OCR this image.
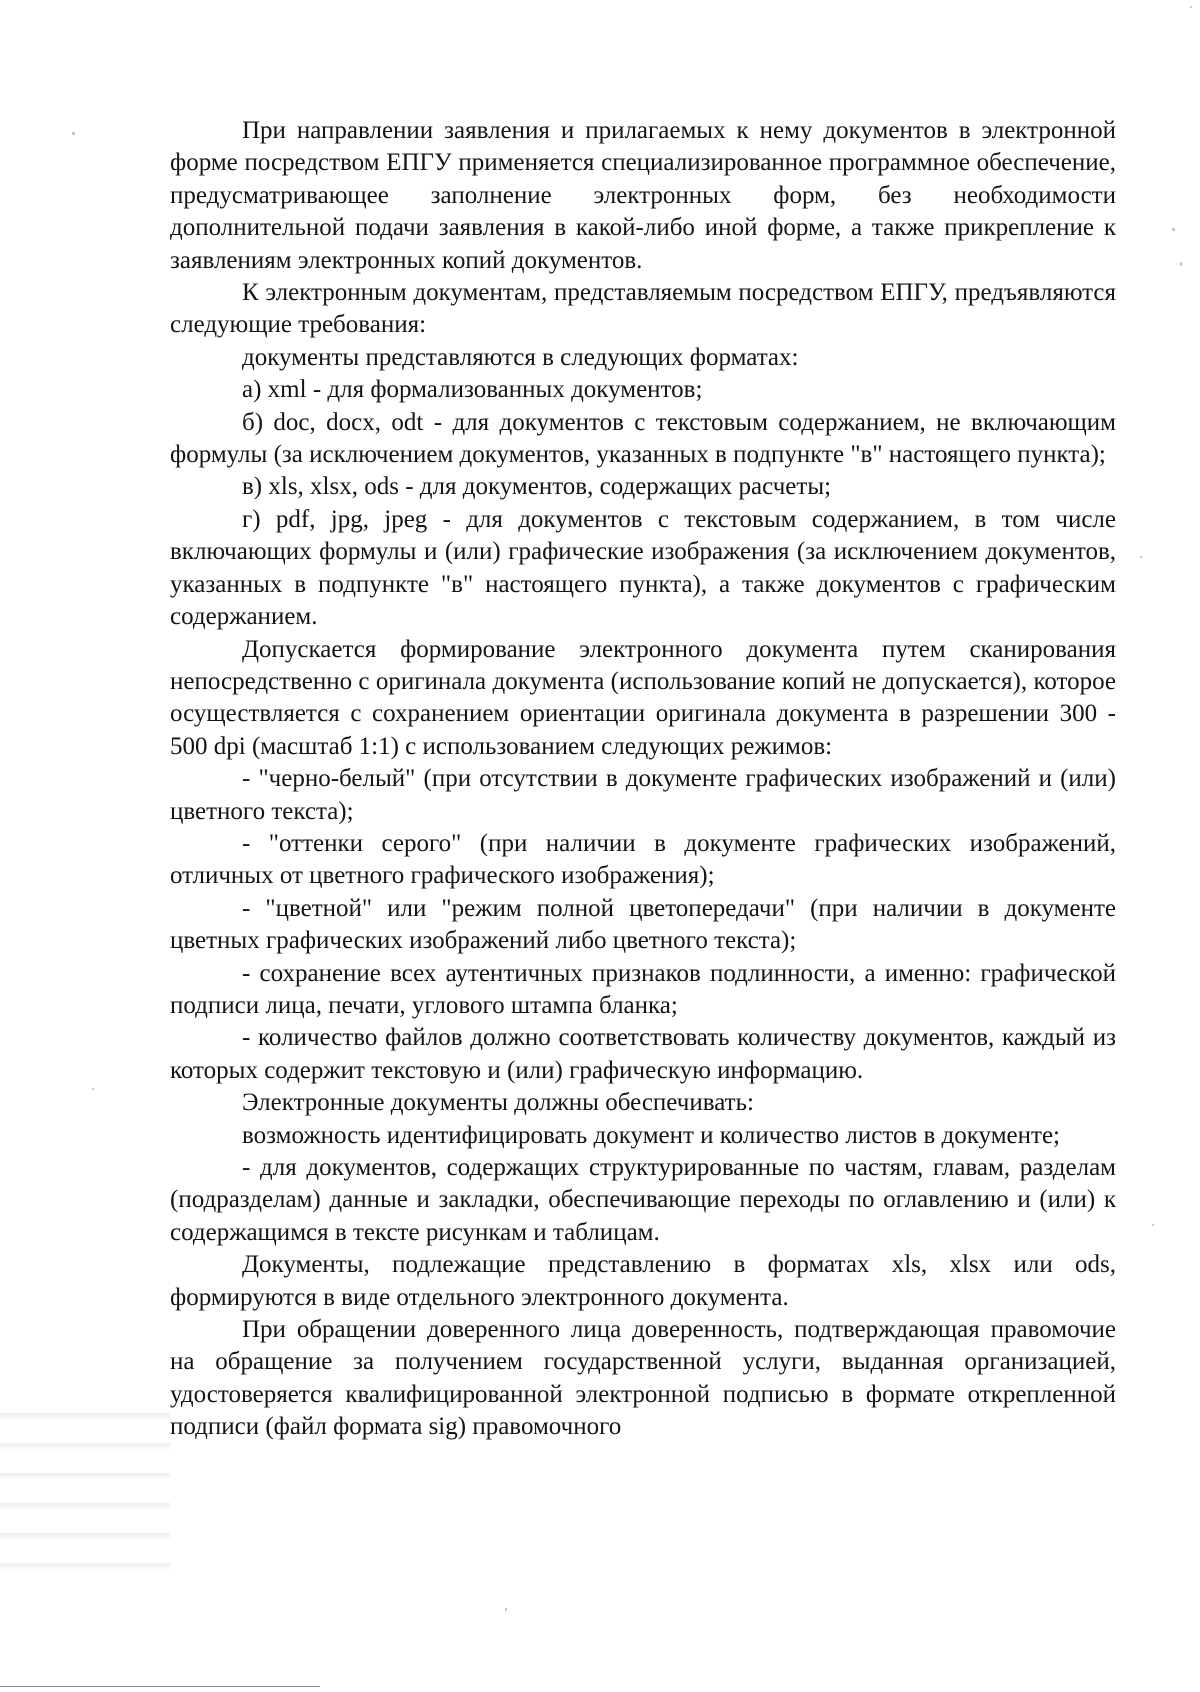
При направлении заявления и прилагаемых к нему документов в электронной форме посредством ЕПГУ применяется специализированное программное обеспечение, предусматривающее заполнение электронных форм, без необходимости дополнительной подачи заявления в какой-либо иной форме, а также прикрепление к заявлениям электронных копий документов.

К электронным документам, представляемым посредством ЕПГУ, предъявляются следующие требования:

документы представляются в следующих форматах:

а) xml - для формализованных документов;

б) doc, docx, odt - для документов с текстовым содержанием, не включающим формулы (за исключением документов, указанных в подпункте "в" настоящего пункта);

в) xls, xlsx, ods - для документов, содержащих расчеты;

г) pdf, jpg, jpeg - для документов с текстовым содержанием, в том числе включающих формулы и (или) графические изображения (за исключением документов, указанных в подпункте "в" настоящего пункта), а также документов с графическим содержанием.

Допускается формирование электронного документа путем сканирования непосредственно с оригинала документа (использование копий не допускается), которое осуществляется с сохранением ориентации оригинала документа в разрешении 300 - 500 dpi (масштаб 1:1) с использованием следующих режимов:

- "черно-белый" (при отсутствии в документе графических изображений и (или) цветного текста);

- "оттенки серого" (при наличии в документе графических изображений, отличных от цветного графического изображения);

- "цветной" или "режим полной цветопередачи" (при наличии в документе цветных графических изображений либо цветного текста);

- сохранение всех аутентичных признаков подлинности, а именно: графической подписи лица, печати, углового штампа бланка;

- количество файлов должно соответствовать количеству документов, каждый из которых содержит текстовую и (или) графическую информацию.

Электронные документы должны обеспечивать:

возможность идентифицировать документ и количество листов в документе;

- для документов, содержащих структурированные по частям, главам, разделам (подразделам) данные и закладки, обеспечивающие переходы по оглавлению и (или) к содержащимся в тексте рисункам и таблицам.

Документы, подлежащие представлению в форматах xls, xlsx или ods, формируются в виде отдельного электронного документа.

При обращении доверенного лица доверенность, подтверждающая правомочие на обращение за получением государственной услуги, выданная организацией, удостоверяется квалифицированной электронной подписью в формате открепленной подписи (файл формата sig) правомочного
